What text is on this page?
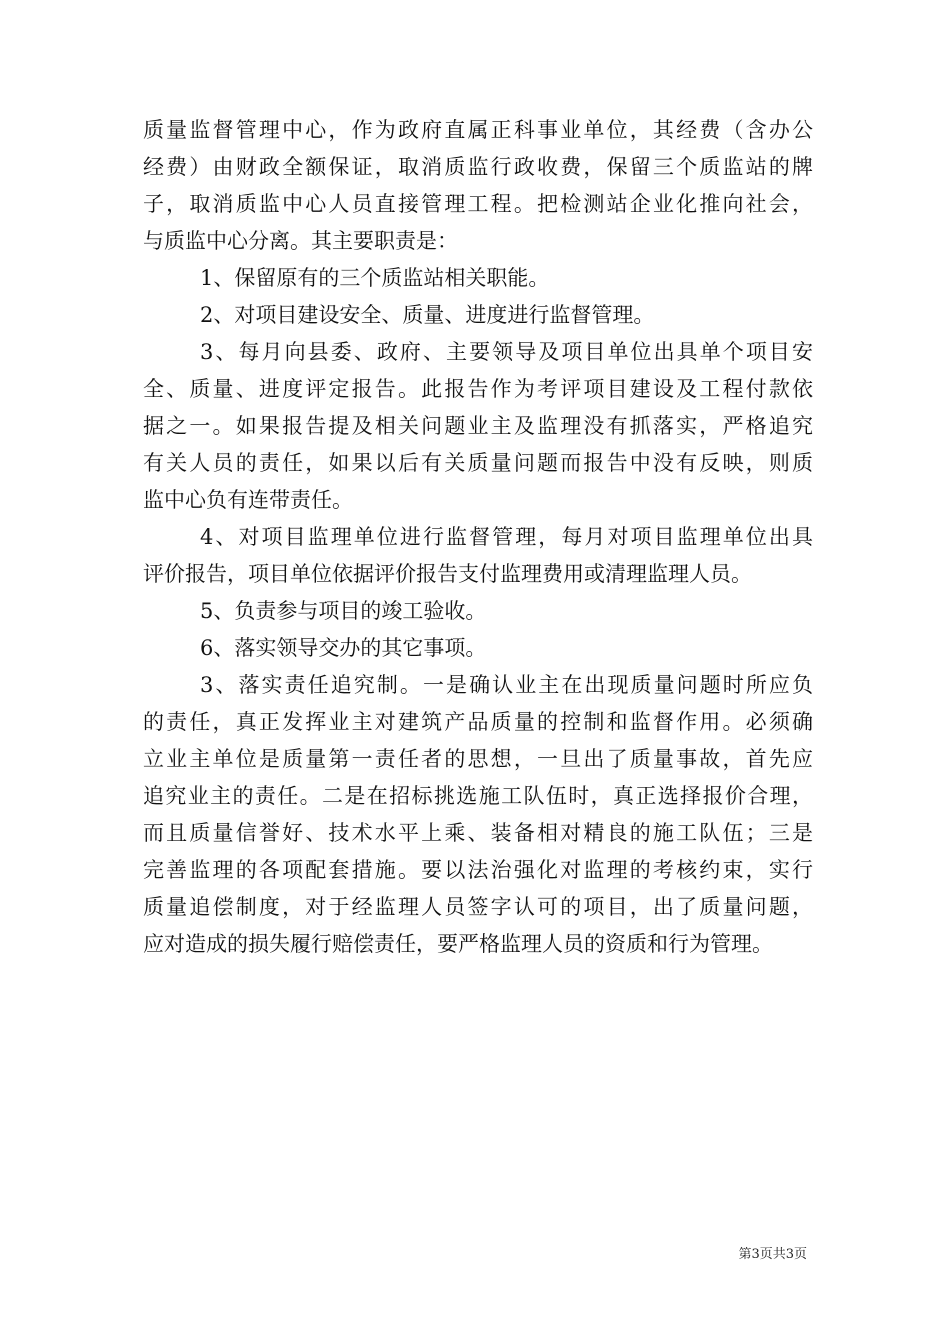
质量监督管理中心，作为政府直属正科事业单位，其经费（含办公
经费）由财政全额保证，取消质监行政收费，保留三个质监站的牌
子，取消质监中心人员直接管理工程。把检测站企业化推向社会，
与质监中心分离。其主要职责是：
1、保留原有的三个质监站相关职能。
2、对项目建设安全、质量、进度进行监督管理。
3、每月向县委、政府、主要领导及项目单位出具单个项目安
全、质量、进度评定报告。此报告作为考评项目建设及工程付款依
据之一。如果报告提及相关问题业主及监理没有抓落实，严格追究
有关人员的责任，如果以后有关质量问题而报告中没有反映，则质
监中心负有连带责任。
4、对项目监理单位进行监督管理，每月对项目监理单位出具
评价报告，项目单位依据评价报告支付监理费用或清理监理人员。
5、负责参与项目的竣工验收。
6、落实领导交办的其它事项。
3、落实责任追究制。一是确认业主在出现质量问题时所应负
的责任，真正发挥业主对建筑产品质量的控制和监督作用。必须确
立业主单位是质量第一责任者的思想，一旦出了质量事故，首先应
追究业主的责任。二是在招标挑选施工队伍时，真正选择报价合理，
而且质量信誉好、技术水平上乘、装备相对精良的施工队伍；三是
完善监理的各项配套措施。要以法治强化对监理的考核约束，实行
质量追偿制度，对于经监理人员签字认可的项目，出了质量问题，
应对造成的损失履行赔偿责任，要严格监理人员的资质和行为管理。
第3页共3页
